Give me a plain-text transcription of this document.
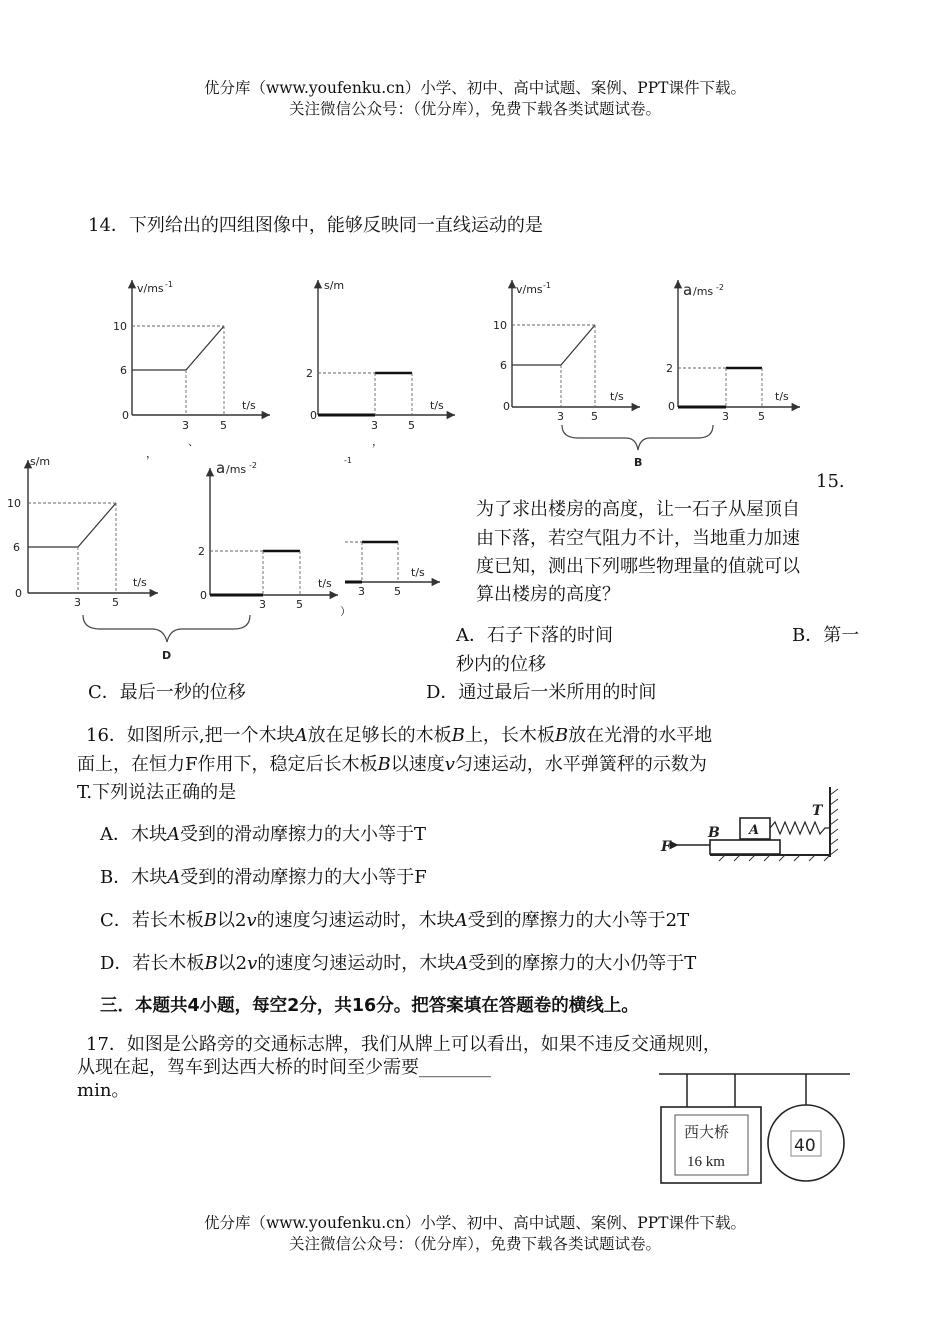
优分库（www.youfenku.cn）小学、初中、高中试题、案例、PPT课件下载。
关注微信公众号：（优分库），免费下载各类试题试卷。
14．下列给出的四组图像中，能够反映同一直线运动的是
v/ms -1
t/s
0
6
10
3	5
、
，
s/m
t/s
0
2
3	5
，
-1
v/ms -1
t/s
0
6
10
3 5
a /ms -2
t/s
0
2
3	5
B
s/m
t/s
0
6
10
3	5
a /ms -2
0
2
3	5
t/s
t/s
3	5
）
D
15.
为了求出楼房的高度，让一石子从屋顶自
由下落，若空气阻力不计，当地重力加速
度已知，测出下列哪些物理量的值就可以
算出楼房的高度？
A．石子下落的时间	B．第一
秒内的位移
C．最后一秒的位移	D．通过最后一米所用的时间
16．如图所示,把一个木块A放在足够长的木板B上，长木板B放在光滑的水平地
面上，在恒力F作用下，稳定后长木板B以速度v匀速运动，水平弹簧秤的示数为
T.下列说法正确的是
A．木块A受到的滑动摩擦力的大小等于T
B．木块A受到的滑动摩擦力的大小等于F
C．若长木板B以2v的速度匀速运动时，木块A受到的摩擦力的大小等于2T
D．若长木板B以2v的速度匀速运动时，木块A受到的摩擦力的大小仍等于T
F
B A
T
三．本题共4小题，每空2分，共16分。把答案填在答题卷的横线上。
17．如图是公路旁的交通标志牌，我们从牌上可以看出，如果不违反交通规则，
从现在起，驾车到达西大桥的时间至少需要________
min。
西大桥
16 km
40
优分库（www.youfenku.cn）小学、初中、高中试题、案例、PPT课件下载。
关注微信公众号：（优分库），免费下载各类试题试卷。
